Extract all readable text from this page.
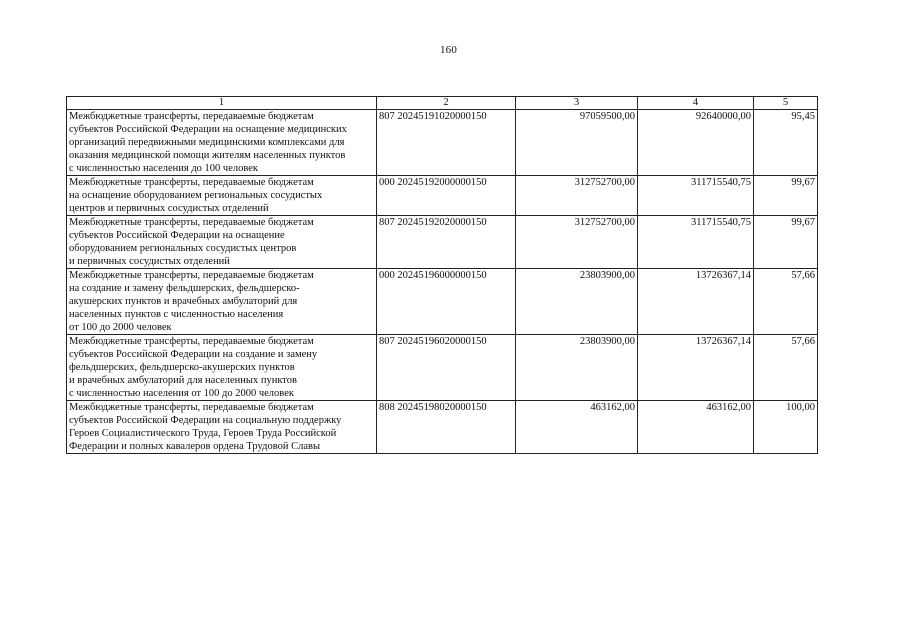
160
1	2	3	4	5

Межбюджетные трансферты, передаваемые бюджетам
субъектов Российской Федерации на оснащение медицинских
организаций передвижными медицинскими комплексами для
оказания медицинской помощи жителям населенных пунктов
с численностью населения до 100 человек	807 20245191020000150	97059500,00	92640000,00	95,45

Межбюджетные трансферты, передаваемые бюджетам
на оснащение оборудованием региональных сосудистых
центров и первичных сосудистых отделений	000 20245192000000150	312752700,00	311715540,75	99,67

Межбюджетные трансферты, передаваемые бюджетам
субъектов Российской Федерации на оснащение
оборудованием региональных сосудистых центров
и первичных сосудистых отделений	807 20245192020000150	312752700,00	311715540,75	99,67

Межбюджетные трансферты, передаваемые бюджетам
на создание и замену фельдшерских, фельдшерско-
акушерских пунктов и врачебных амбулаторий для
населенных пунктов с численностью населения
от 100 до 2000 человек	000 20245196000000150	23803900,00	13726367,14	57,66

Межбюджетные трансферты, передаваемые бюджетам
субъектов Российской Федерации на создание и замену
фельдшерских, фельдшерско-акушерских пунктов
и врачебных амбулаторий для населенных пунктов
с численностью населения от 100 до 2000 человек	807 20245196020000150	23803900,00	13726367,14	57,66

Межбюджетные трансферты, передаваемые бюджетам
субъектов Российской Федерации на социальную поддержку
Героев Социалистического Труда, Героев Труда Российской
Федерации и полных кавалеров ордена Трудовой Славы	808 20245198020000150	463162,00	463162,00	100,00
